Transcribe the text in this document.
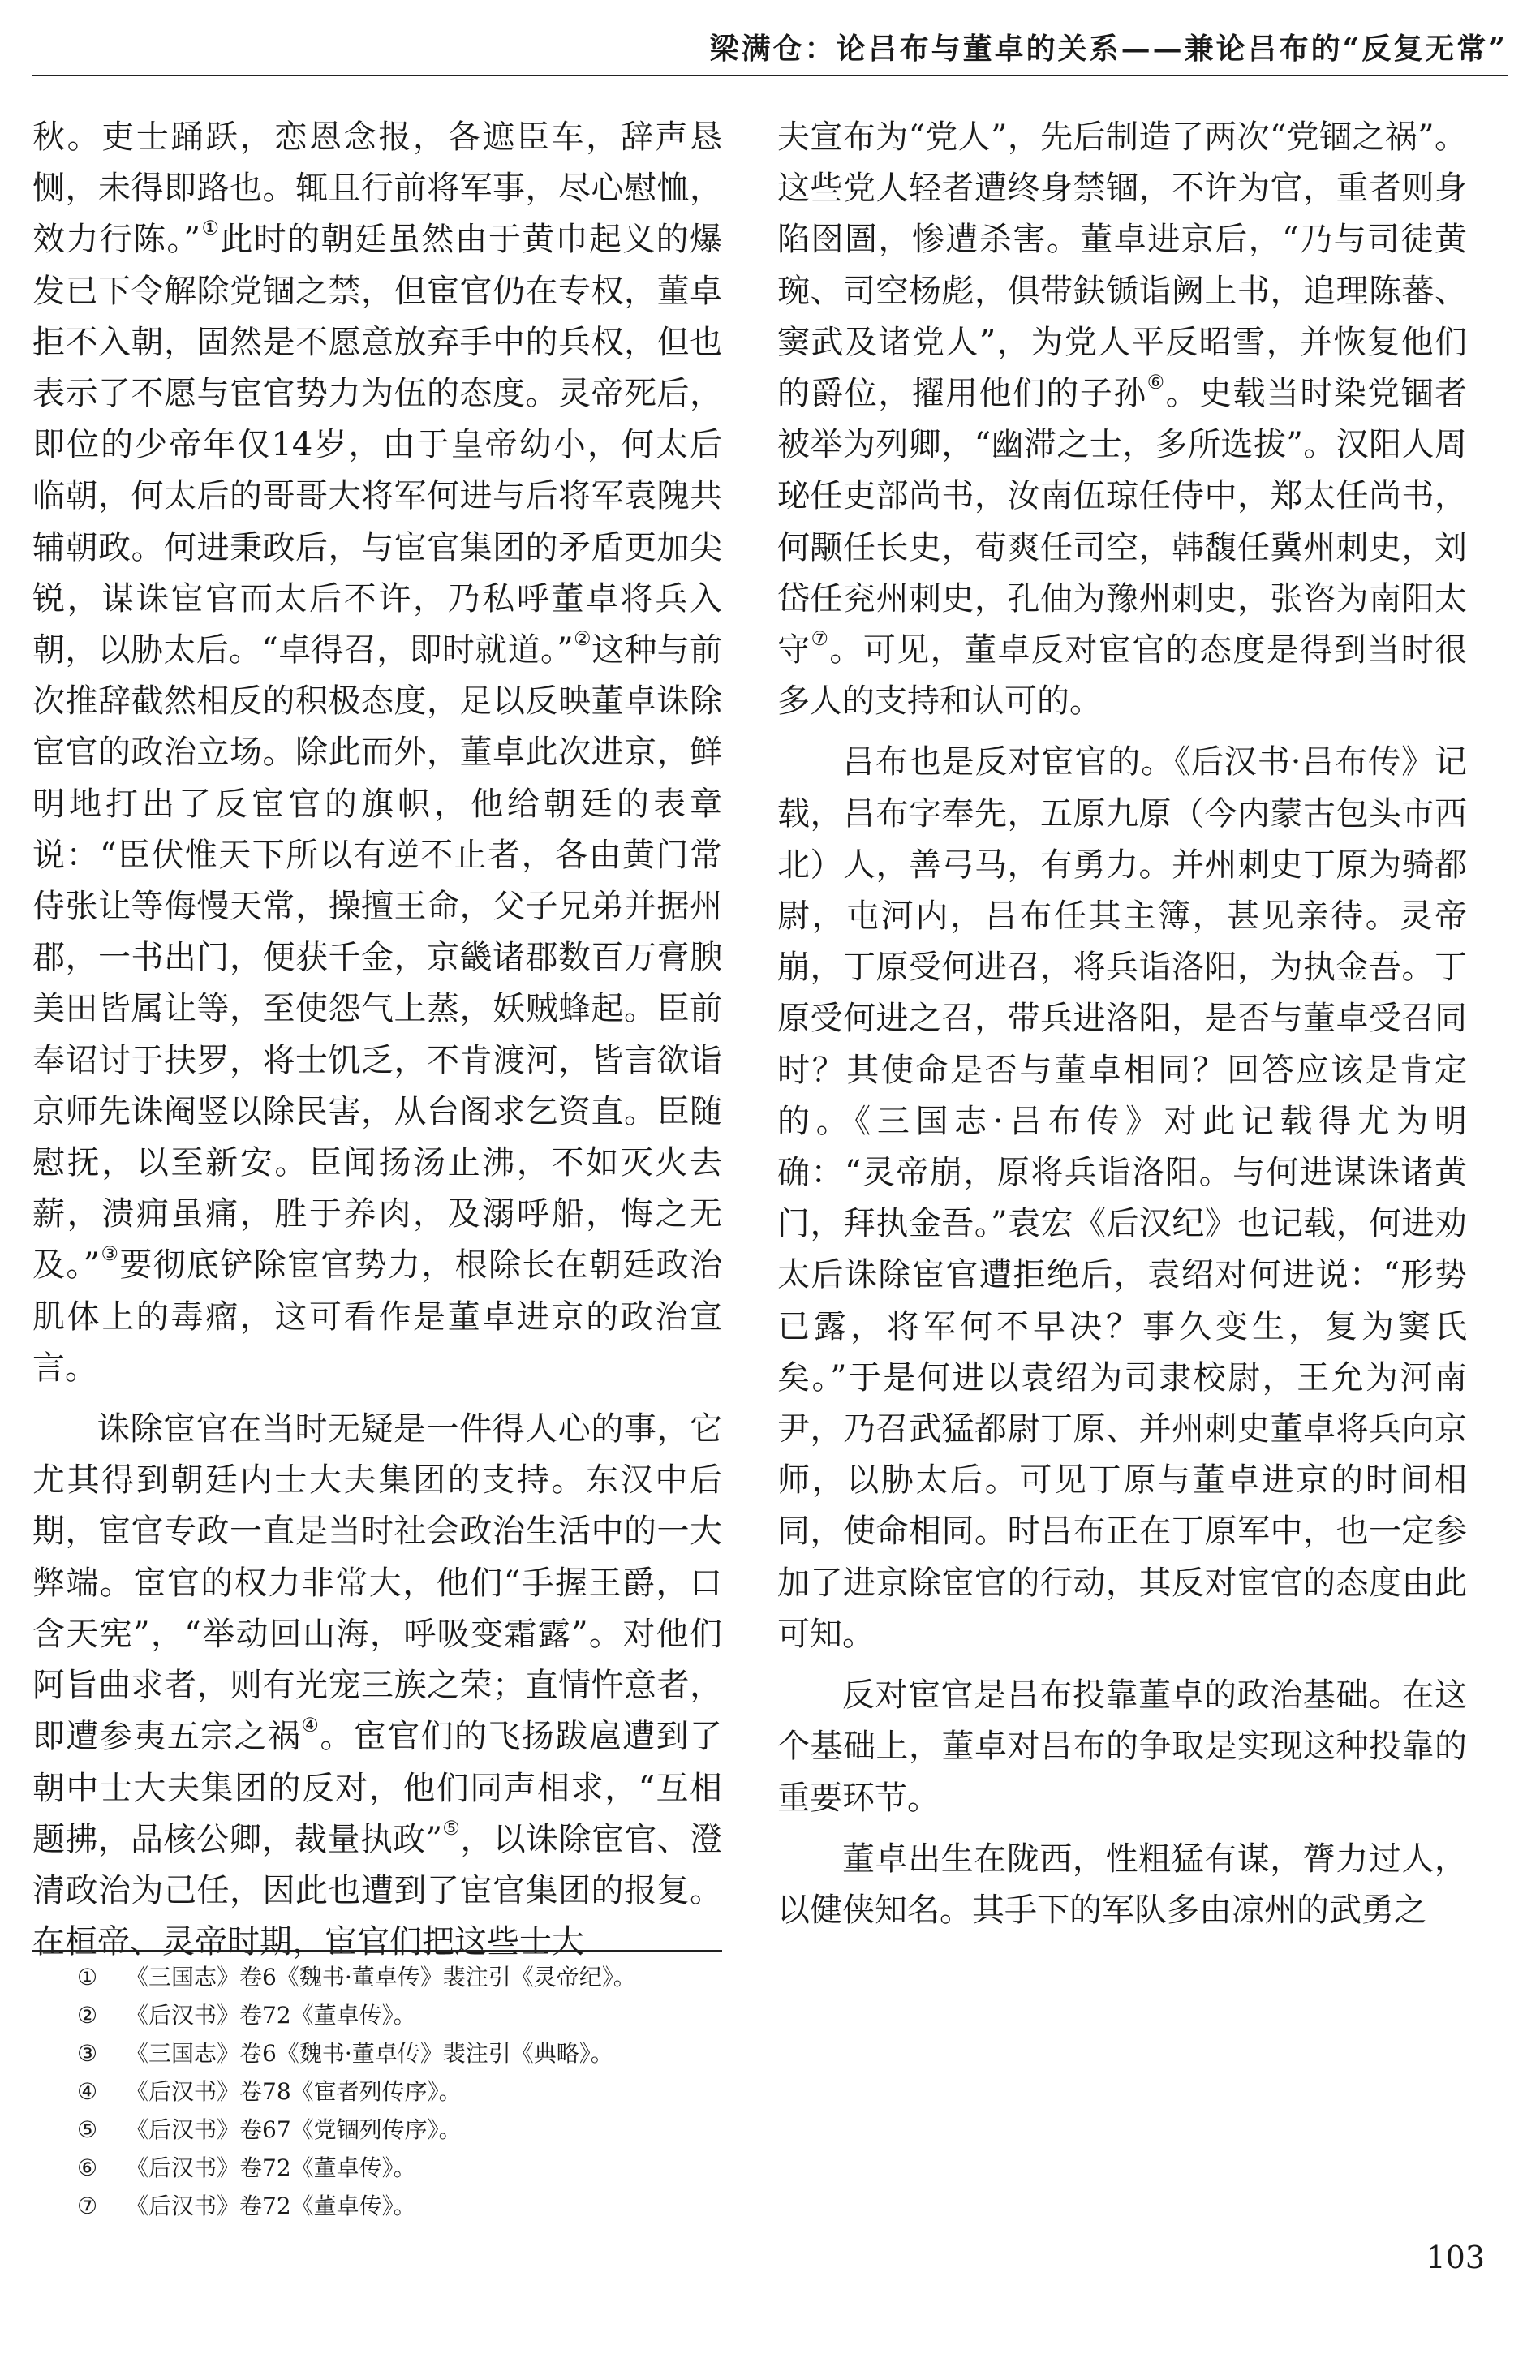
梁满仓：论吕布与董卓的关系——兼论吕布的“反复无常”

秋。吏士踊跃，恋恩念报，各遮臣车，辞声恳恻，未得即路也。辄且行前将军事，尽心慰恤，效力行陈。”①此时的朝廷虽然由于黄巾起义的爆发已下令解除党锢之禁，但宦官仍在专权，董卓拒不入朝，固然是不愿意放弃手中的兵权，但也表示了不愿与宦官势力为伍的态度。灵帝死后，即位的少帝年仅14岁，由于皇帝幼小，何太后临朝，何太后的哥哥大将军何进与后将军袁隗共辅朝政。何进秉政后，与宦官集团的矛盾更加尖锐，谋诛宦官而太后不许，乃私呼董卓将兵入朝，以胁太后。“卓得召，即时就道。”②这种与前次推辞截然相反的积极态度，足以反映董卓诛除宦官的政治立场。除此而外，董卓此次进京，鲜明地打出了反宦官的旗帜，他给朝廷的表章说：“臣伏惟天下所以有逆不止者，各由黄门常侍张让等侮慢天常，操擅王命，父子兄弟并据州郡，一书出门，便获千金，京畿诸郡数百万膏腴美田皆属让等，至使怨气上蒸，妖贼蜂起。臣前奉诏讨于扶罗，将士饥乏，不肯渡河，皆言欲诣京师先诛阉竖以除民害，从台阁求乞资直。臣随慰抚，以至新安。臣闻扬汤止沸，不如灭火去薪，溃痈虽痛，胜于养肉，及溺呼船，悔之无及。”③要彻底铲除宦官势力，根除长在朝廷政治肌体上的毒瘤，这可看作是董卓进京的政治宣言。

诛除宦官在当时无疑是一件得人心的事，它尤其得到朝廷内士大夫集团的支持。东汉中后期，宦官专政一直是当时社会政治生活中的一大弊端。宦官的权力非常大，他们“手握王爵，口含天宪”，“举动回山海，呼吸变霜露”。对他们阿旨曲求者，则有光宠三族之荣；直情忤意者，即遭参夷五宗之祸④。宦官们的飞扬跋扈遭到了朝中士大夫集团的反对，他们同声相求，“互相题拂，品核公卿，裁量执政”⑤，以诛除宦官、澄清政治为己任，因此也遭到了宦官集团的报复。在桓帝、灵帝时期，宦官们把这些士大

夫宣布为“党人”，先后制造了两次“党锢之祸”。这些党人轻者遭终身禁锢，不许为官，重者则身陷囹圄，惨遭杀害。董卓进京后，“乃与司徒黄琬、司空杨彪，俱带鈇锧诣阙上书，追理陈蕃、窦武及诸党人”，为党人平反昭雪，并恢复他们的爵位，擢用他们的子孙⑥。史载当时染党锢者被举为列卿，“幽滞之士，多所选拔”。汉阳人周珌任吏部尚书，汝南伍琼任侍中，郑太任尚书，何颙任长史，荀爽任司空，韩馥任冀州刺史，刘岱任兖州刺史，孔伷为豫州刺史，张咨为南阳太守⑦。可见，董卓反对宦官的态度是得到当时很多人的支持和认可的。

吕布也是反对宦官的。《后汉书·吕布传》记载，吕布字奉先，五原九原（今内蒙古包头市西北）人，善弓马，有勇力。并州刺史丁原为骑都尉，屯河内，吕布任其主簿，甚见亲待。灵帝崩，丁原受何进召，将兵诣洛阳，为执金吾。丁原受何进之召，带兵进洛阳，是否与董卓受召同时？其使命是否与董卓相同？回答应该是肯定的。《三国志·吕布传》对此记载得尤为明确：“灵帝崩，原将兵诣洛阳。与何进谋诛诸黄门，拜执金吾。”袁宏《后汉纪》也记载，何进劝太后诛除宦官遭拒绝后，袁绍对何进说：“形势已露，将军何不早决？事久变生，复为窦氏矣。”于是何进以袁绍为司隶校尉，王允为河南尹，乃召武猛都尉丁原、并州刺史董卓将兵向京师，以胁太后。可见丁原与董卓进京的时间相同，使命相同。时吕布正在丁原军中，也一定参加了进京除宦官的行动，其反对宦官的态度由此可知。

反对宦官是吕布投靠董卓的政治基础。在这个基础上，董卓对吕布的争取是实现这种投靠的重要环节。

董卓出生在陇西，性粗猛有谋，膂力过人，以健侠知名。其手下的军队多由凉州的武勇之

①	《三国志》卷6《魏书·董卓传》裴注引《灵帝纪》。
②	《后汉书》卷72《董卓传》。
③	《三国志》卷6《魏书·董卓传》裴注引《典略》。
④	《后汉书》卷78《宦者列传序》。
⑤	《后汉书》卷67《党锢列传序》。
⑥	《后汉书》卷72《董卓传》。
⑦	《后汉书》卷72《董卓传》。
103
